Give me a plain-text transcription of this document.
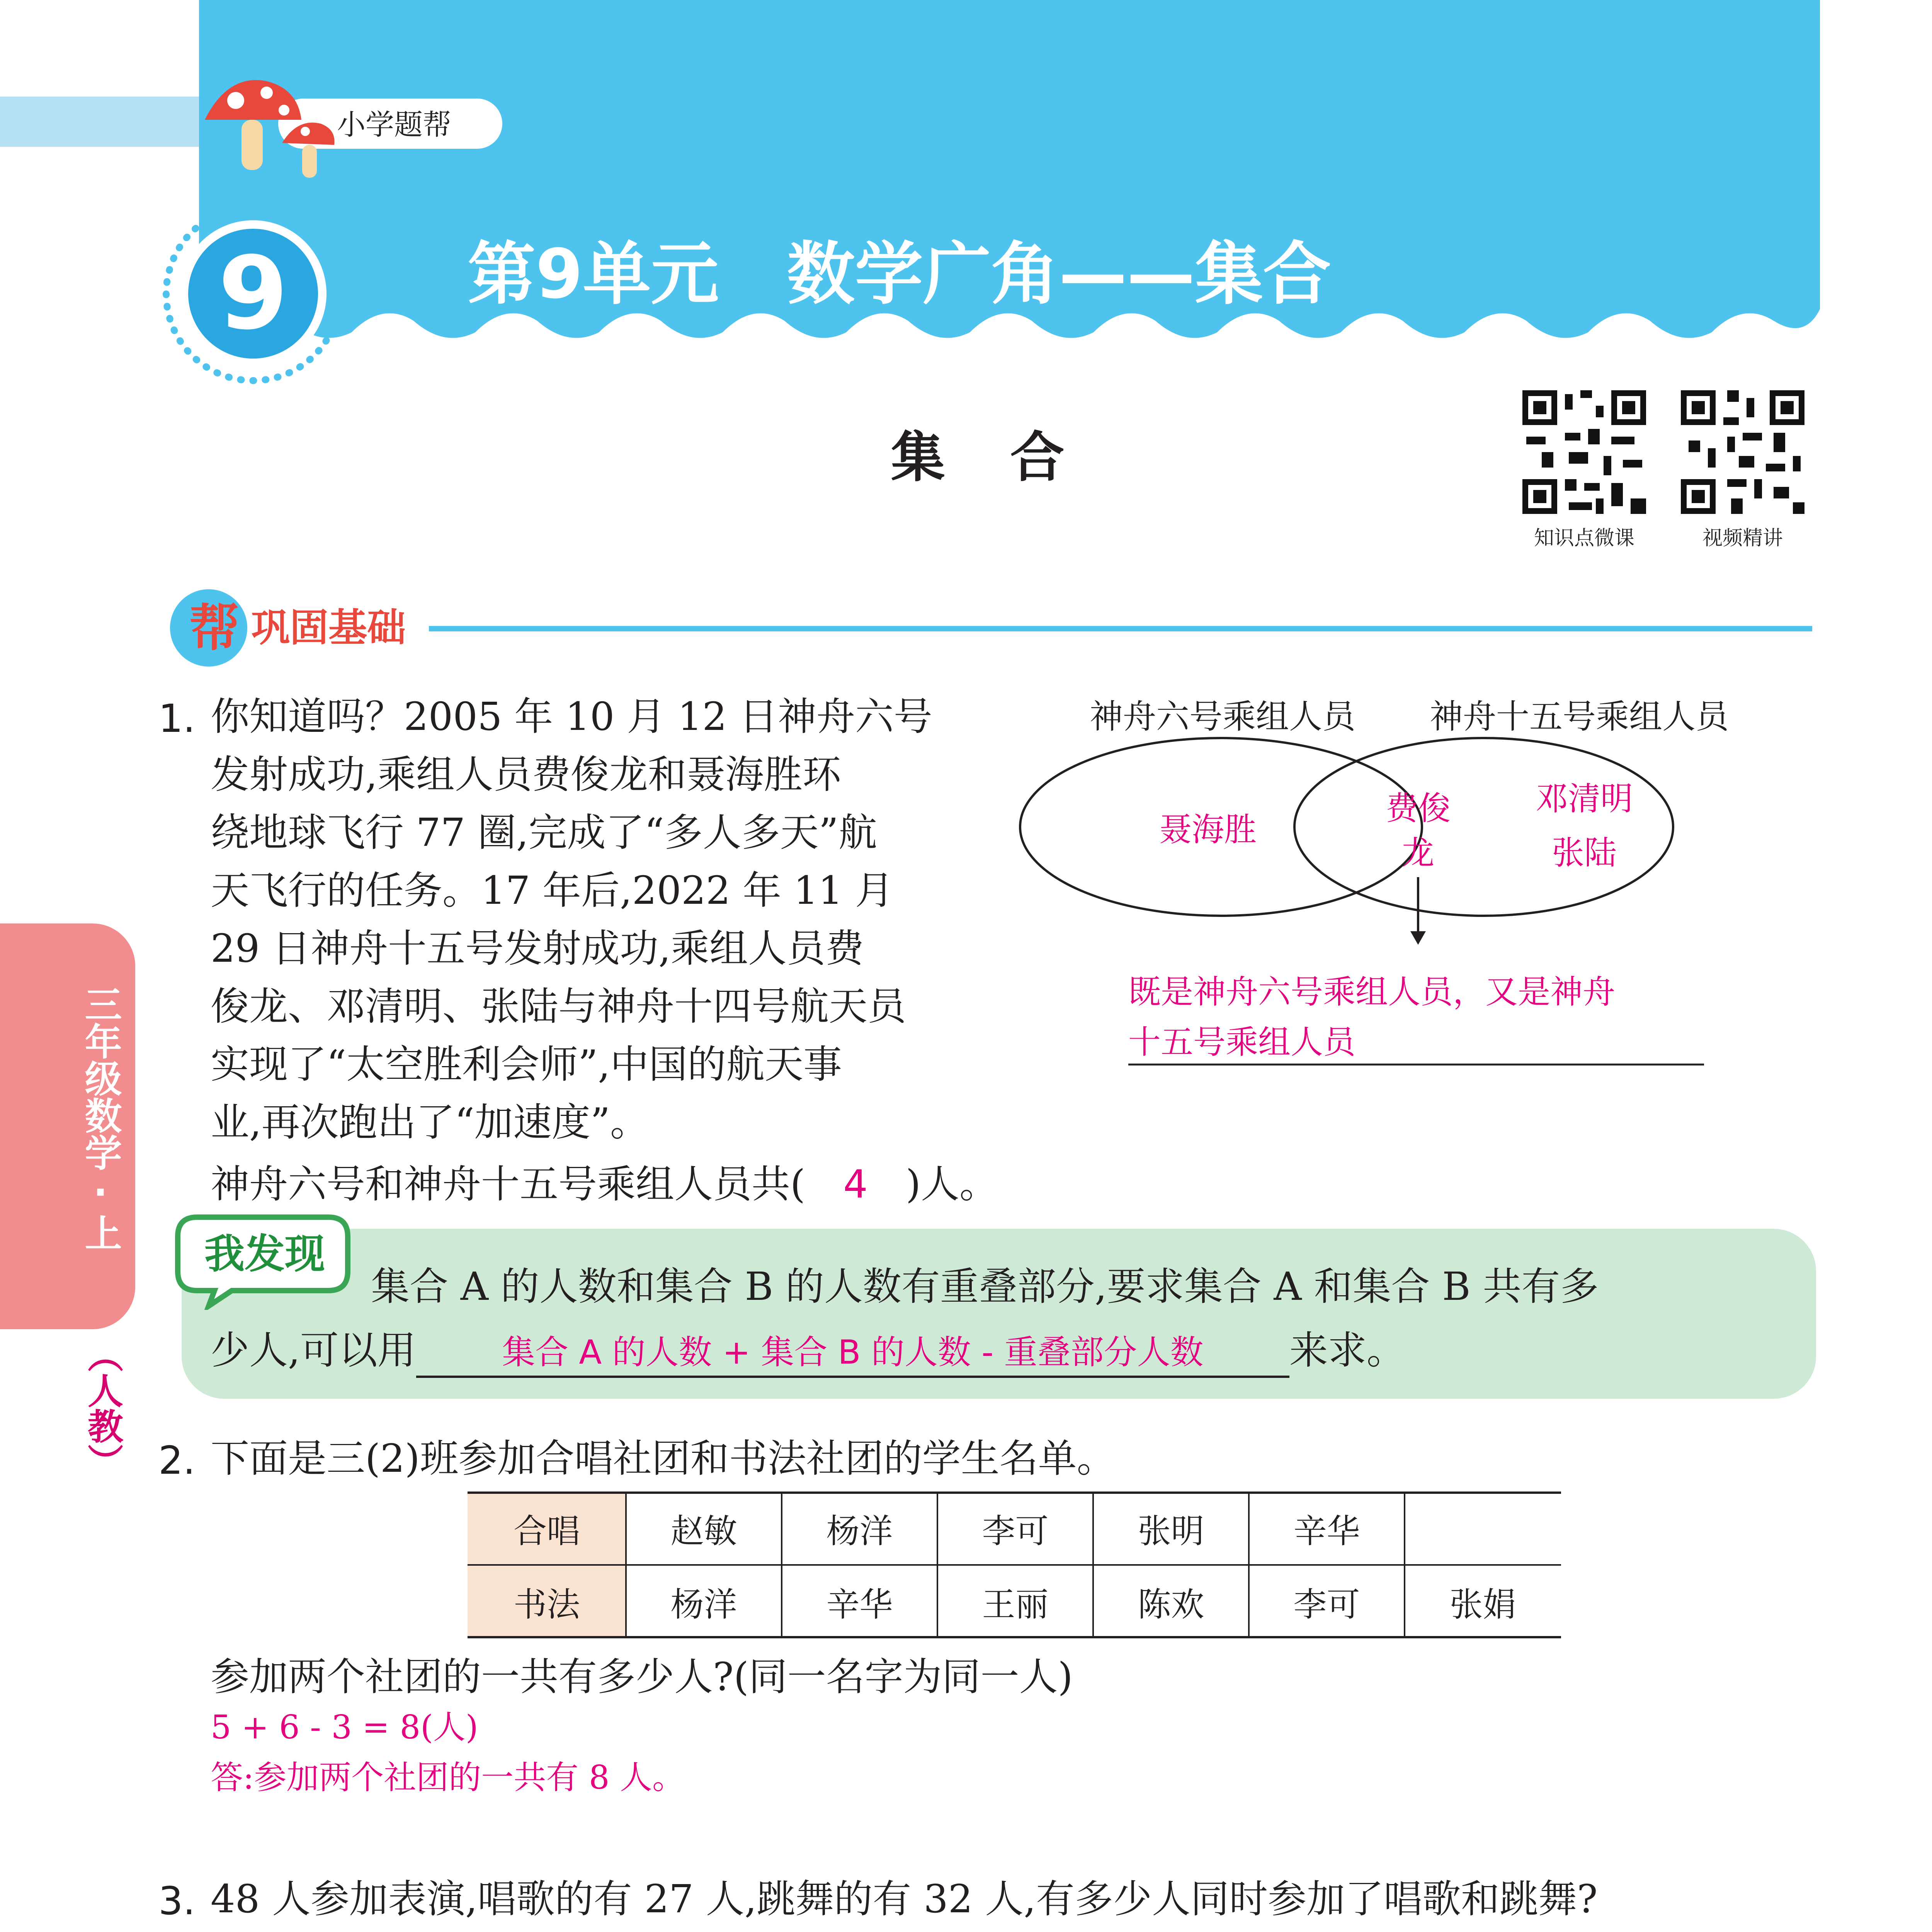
小学题帮
9	第9单元　数学广角——集合
集 合
知识点微课	视频精讲
三年级数学·上
（人教）
帮 巩固基础
1. 你知道吗？2005 年 10 月 12 日神舟六号
发射成功,乘组人员费俊龙和聂海胜环
绕地球飞行 77 圈,完成了“多人多天”航
天飞行的任务。17 年后,2022 年 11 月
29 日神舟十五号发射成功,乘组人员费
俊龙、邓清明、张陆与神舟十四号航天员
实现了“太空胜利会师”,中国的航天事
业,再次跑出了“加速度”。
神舟六号和神舟十五号乘组人员共( 4 )人。
神舟六号乘组人员 神舟十五号乘组人员
聂海胜
费俊
龙
邓清明
张陆
既是神舟六号乘组人员，又是神舟
十五号乘组人员
我发现
集合 A 的人数和集合 B 的人数有重叠部分,要求集合 A 和集合 B 共有多
少人,可以用	集合 A 的人数 + 集合 B 的人数 - 重叠部分人数 来求。
2. 下面是三(2)班参加合唱社团和书法社团的学生名单。
合唱	赵敏	杨洋	李可	张明	辛华
书法	杨洋	辛华	王丽	陈欢	李可	张娟
参加两个社团的一共有多少人?(同一名字为同一人)
5 + 6 - 3 = 8(人)
答:参加两个社团的一共有 8 人。
3. 48 人参加表演,唱歌的有 27 人,跳舞的有 32 人,有多少人同时参加了唱歌和跳舞?
